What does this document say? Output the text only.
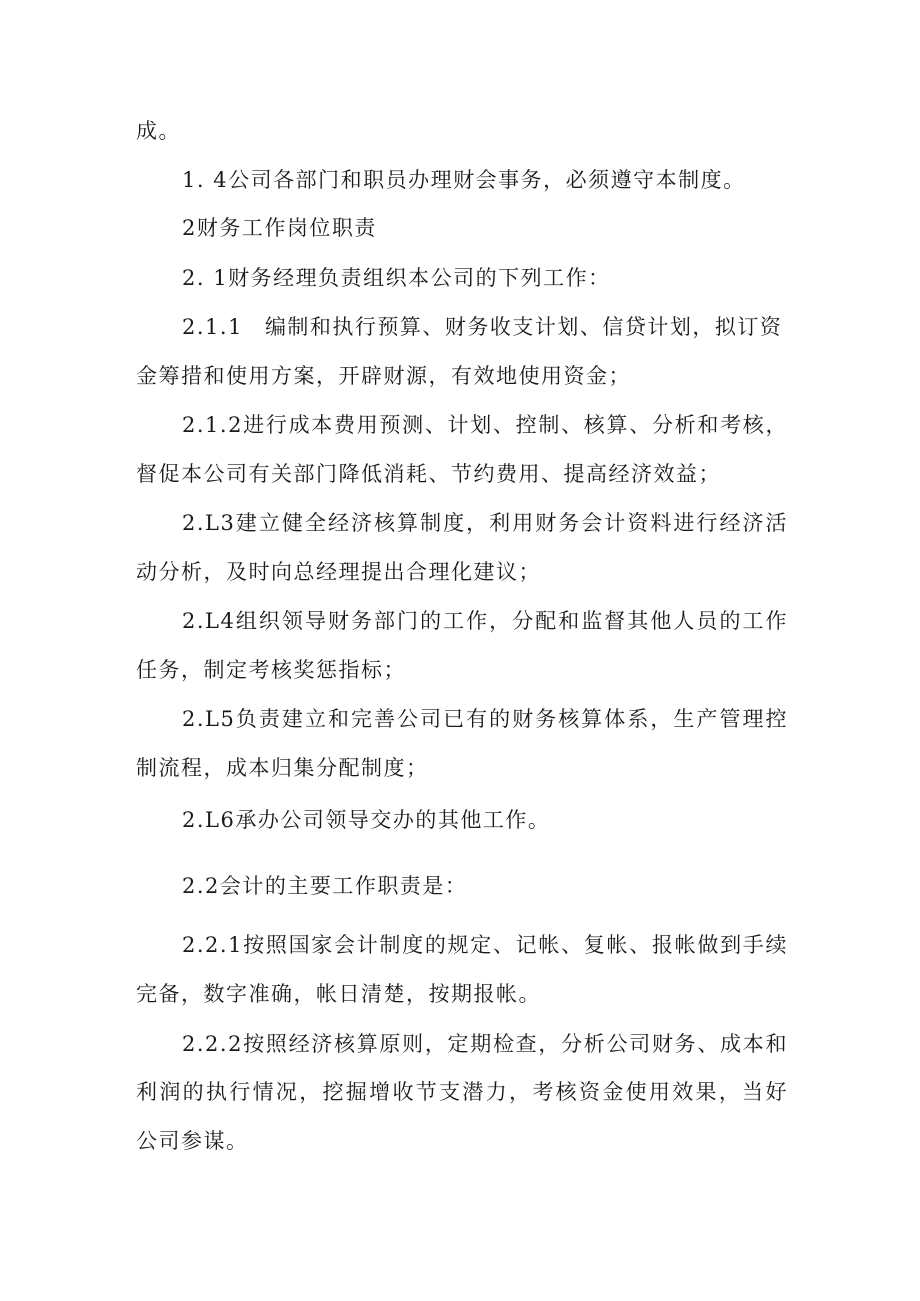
成。
1. 4公司各部门和职员办理财会事务，必须遵守本制度。
2财务工作岗位职责
2. 1财务经理负责组织本公司的下列工作：
2.1.1 编制和执行预算、财务收支计划、信贷计划，拟订资
金筹措和使用方案，开辟财源，有效地使用资金；
2.1.2进行成本费用预测、计划、控制、核算、分析和考核，
督促本公司有关部门降低消耗、节约费用、提高经济效益；
2.L3建立健全经济核算制度，利用财务会计资料进行经济活
动分析，及时向总经理提出合理化建议；
2.L4组织领导财务部门的工作，分配和监督其他人员的工作
任务，制定考核奖惩指标；
2.L5负责建立和完善公司已有的财务核算体系，生产管理控
制流程，成本归集分配制度；
2.L6承办公司领导交办的其他工作。
2.2会计的主要工作职责是：
2.2.1按照国家会计制度的规定、记帐、复帐、报帐做到手续
完备，数字准确，帐日清楚，按期报帐。
2.2.2按照经济核算原则，定期检查，分析公司财务、成本和
利润的执行情况，挖掘增收节支潜力，考核资金使用效果，当好
公司参谋。
